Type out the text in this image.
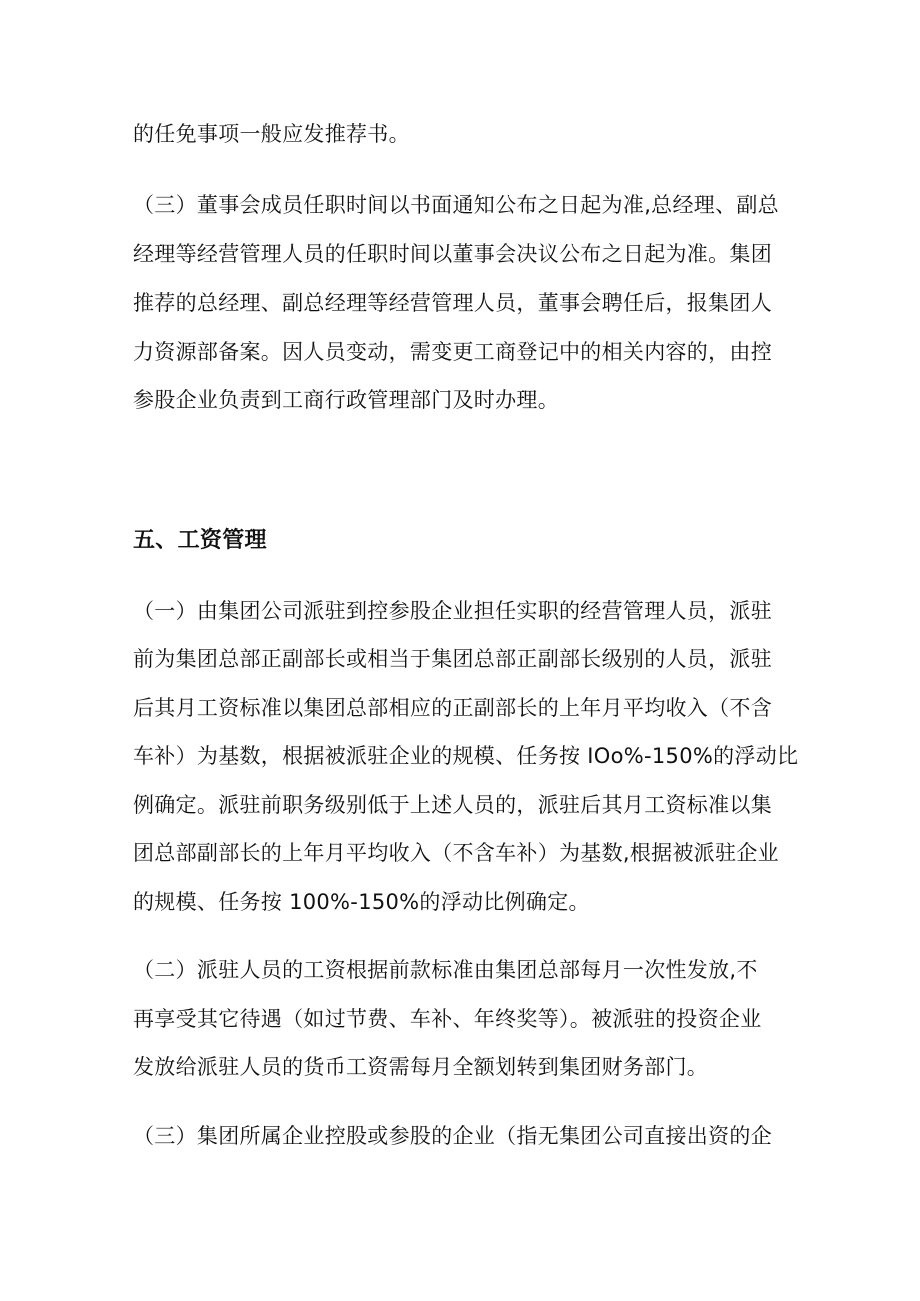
的任免事项一般应发推荐书。
（三）董事会成员任职时间以书面通知公布之日起为准,总经理、副总
经理等经营管理人员的任职时间以董事会决议公布之日起为准。集团
推荐的总经理、副总经理等经营管理人员，董事会聘任后，报集团人
力资源部备案。因人员变动，需变更工商登记中的相关内容的，由控
参股企业负责到工商行政管理部门及时办理。
五、工资管理
（一）由集团公司派驻到控参股企业担任实职的经营管理人员，派驻
前为集团总部正副部长或相当于集团总部正副部长级别的人员，派驻
后其月工资标准以集团总部相应的正副部长的上年月平均收入（不含
车补）为基数，根据被派驻企业的规模、任务按 IOo%-150%的浮动比
例确定。派驻前职务级别低于上述人员的，派驻后其月工资标准以集
团总部副部长的上年月平均收入（不含车补）为基数,根据被派驻企业
的规模、任务按 100%-150%的浮动比例确定。
（二）派驻人员的工资根据前款标准由集团总部每月一次性发放,不
再享受其它待遇（如过节费、车补、年终奖等）。被派驻的投资企业
发放给派驻人员的货币工资需每月全额划转到集团财务部门。
（三）集团所属企业控股或参股的企业（指无集团公司直接出资的企
